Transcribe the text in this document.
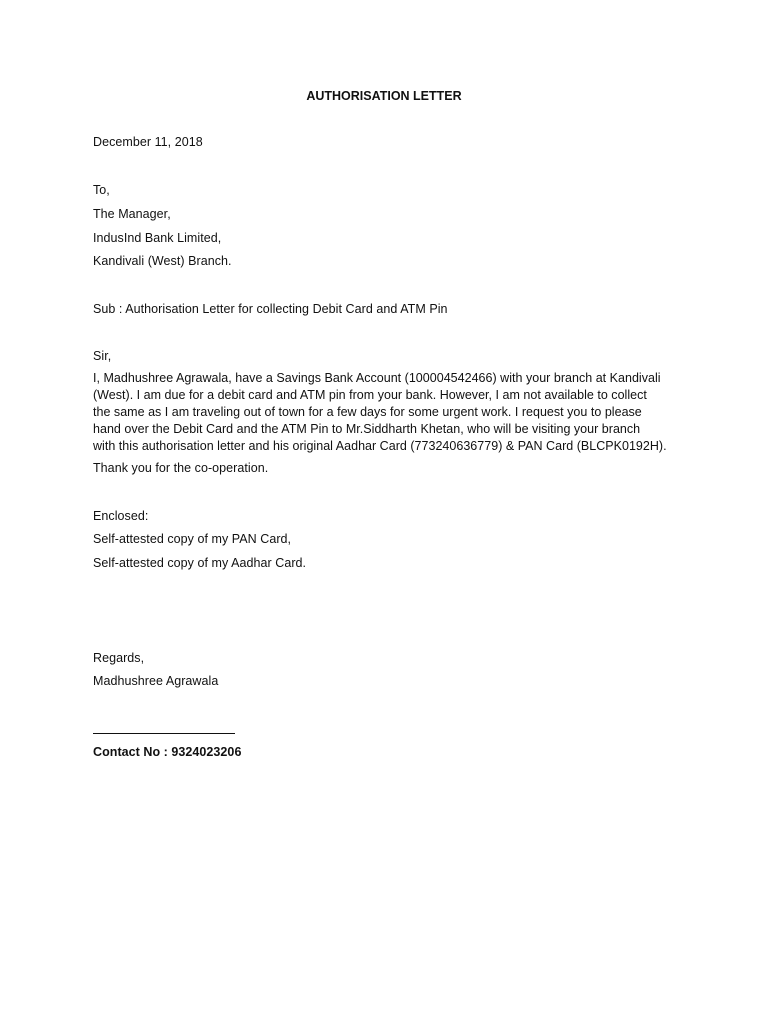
AUTHORISATION LETTER
December 11, 2018
To,
The Manager,
IndusInd Bank Limited,
Kandivali (West) Branch.
Sub : Authorisation Letter for collecting Debit Card and ATM Pin
Sir,
I, Madhushree Agrawala, have a Savings Bank Account (100004542466) with your branch at Kandivali
(West). I am due for a debit card and ATM pin from your bank. However, I am not available to collect
the same as I am traveling out of town for a few days for some urgent work. I request you to please
hand over the Debit Card and the ATM Pin to Mr.Siddharth Khetan, who will be visiting your branch
with this authorisation letter and his original Aadhar Card (773240636779) & PAN Card (BLCPK0192H).
Thank you for the co-operation.
Enclosed:
Self-attested copy of my PAN Card,
Self-attested copy of my Aadhar Card.
Regards,
Madhushree Agrawala
Contact No : 9324023206
